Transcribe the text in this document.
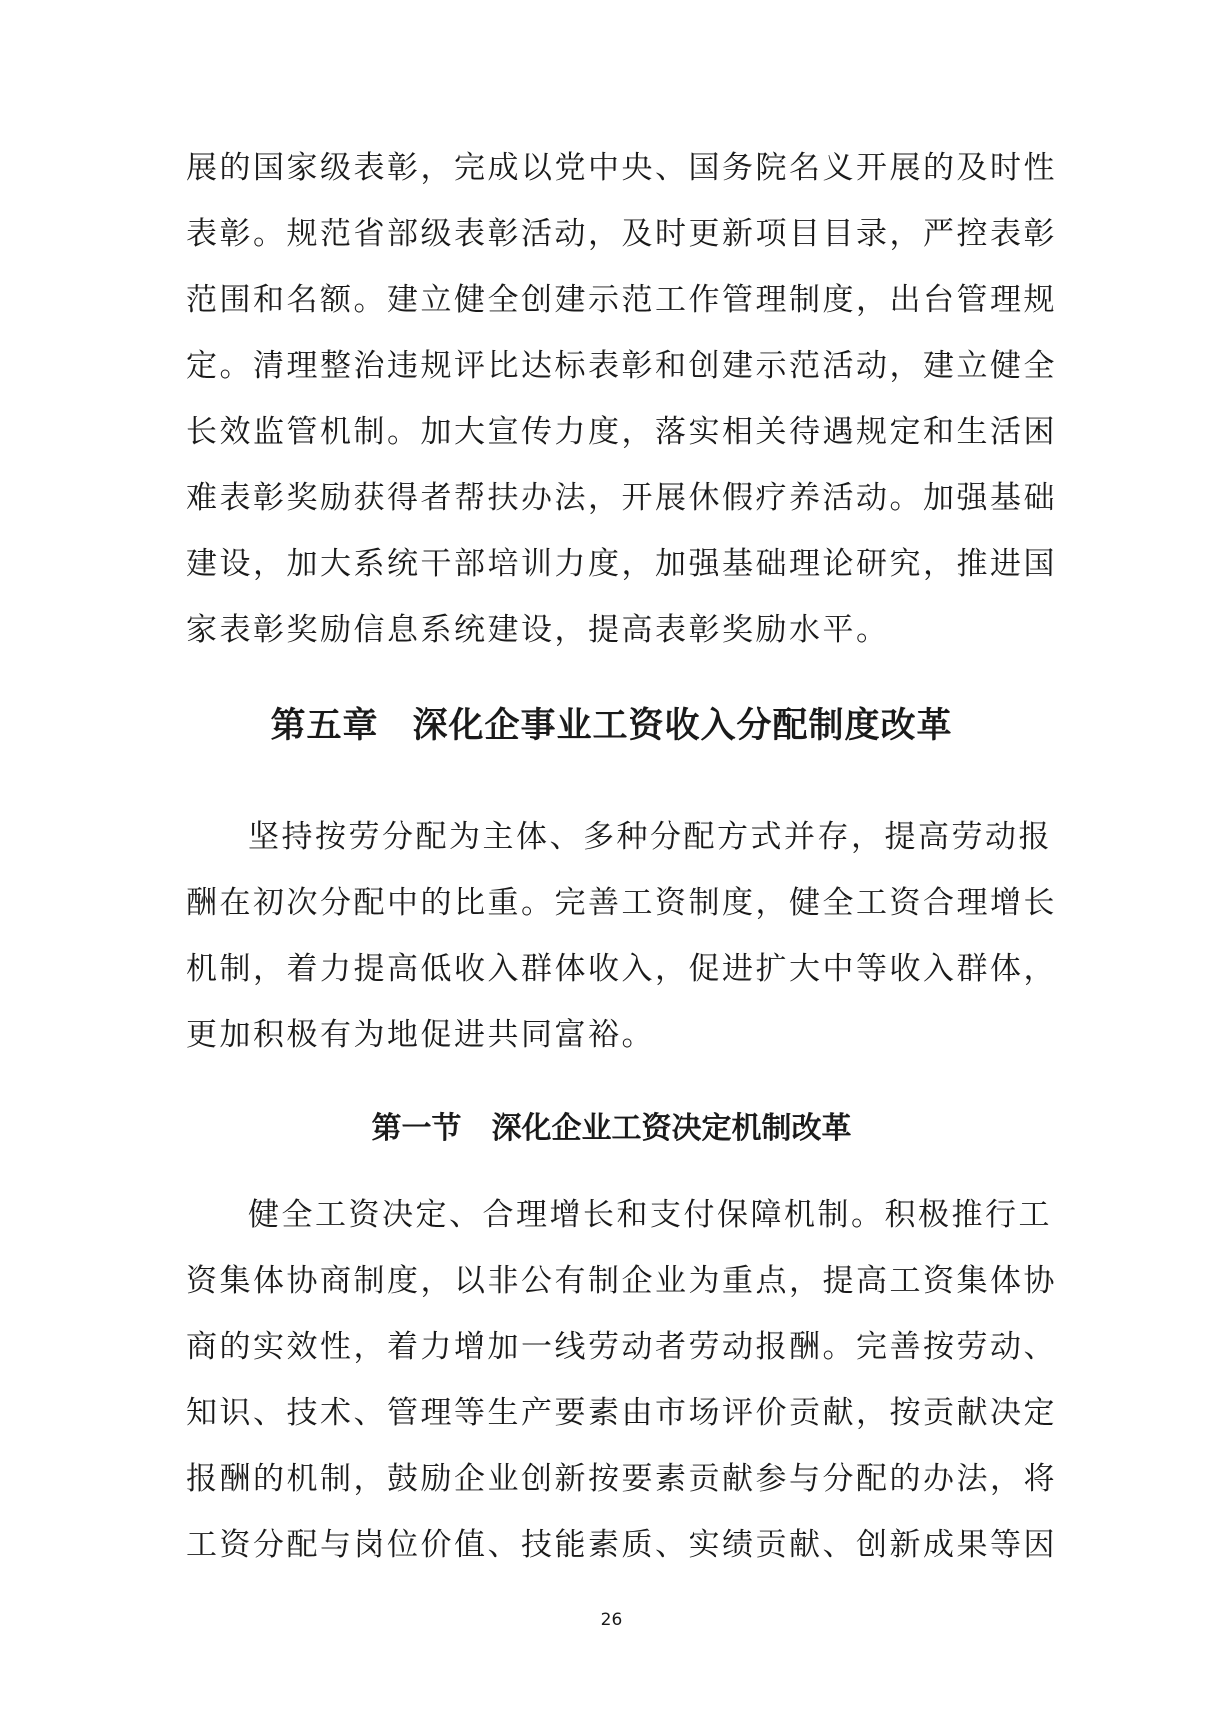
展的国家级表彰，完成以党中央、国务院名义开展的及时性
表彰。规范省部级表彰活动，及时更新项目目录，严控表彰
范围和名额。建立健全创建示范工作管理制度，出台管理规
定。清理整治违规评比达标表彰和创建示范活动，建立健全
长效监管机制。加大宣传力度，落实相关待遇规定和生活困
难表彰奖励获得者帮扶办法，开展休假疗养活动。加强基础
建设，加大系统干部培训力度，加强基础理论研究，推进国
家表彰奖励信息系统建设，提高表彰奖励水平。
第五章 深化企事业工资收入分配制度改革
坚持按劳分配为主体、多种分配方式并存，提高劳动报
酬在初次分配中的比重。完善工资制度，健全工资合理增长
机制，着力提高低收入群体收入，促进扩大中等收入群体，
更加积极有为地促进共同富裕。
第一节 深化企业工资决定机制改革
健全工资决定、合理增长和支付保障机制。积极推行工
资集体协商制度，以非公有制企业为重点，提高工资集体协
商的实效性，着力增加一线劳动者劳动报酬。完善按劳动、
知识、技术、管理等生产要素由市场评价贡献，按贡献决定
报酬的机制，鼓励企业创新按要素贡献参与分配的办法，将
工资分配与岗位价值、技能素质、实绩贡献、创新成果等因
26
